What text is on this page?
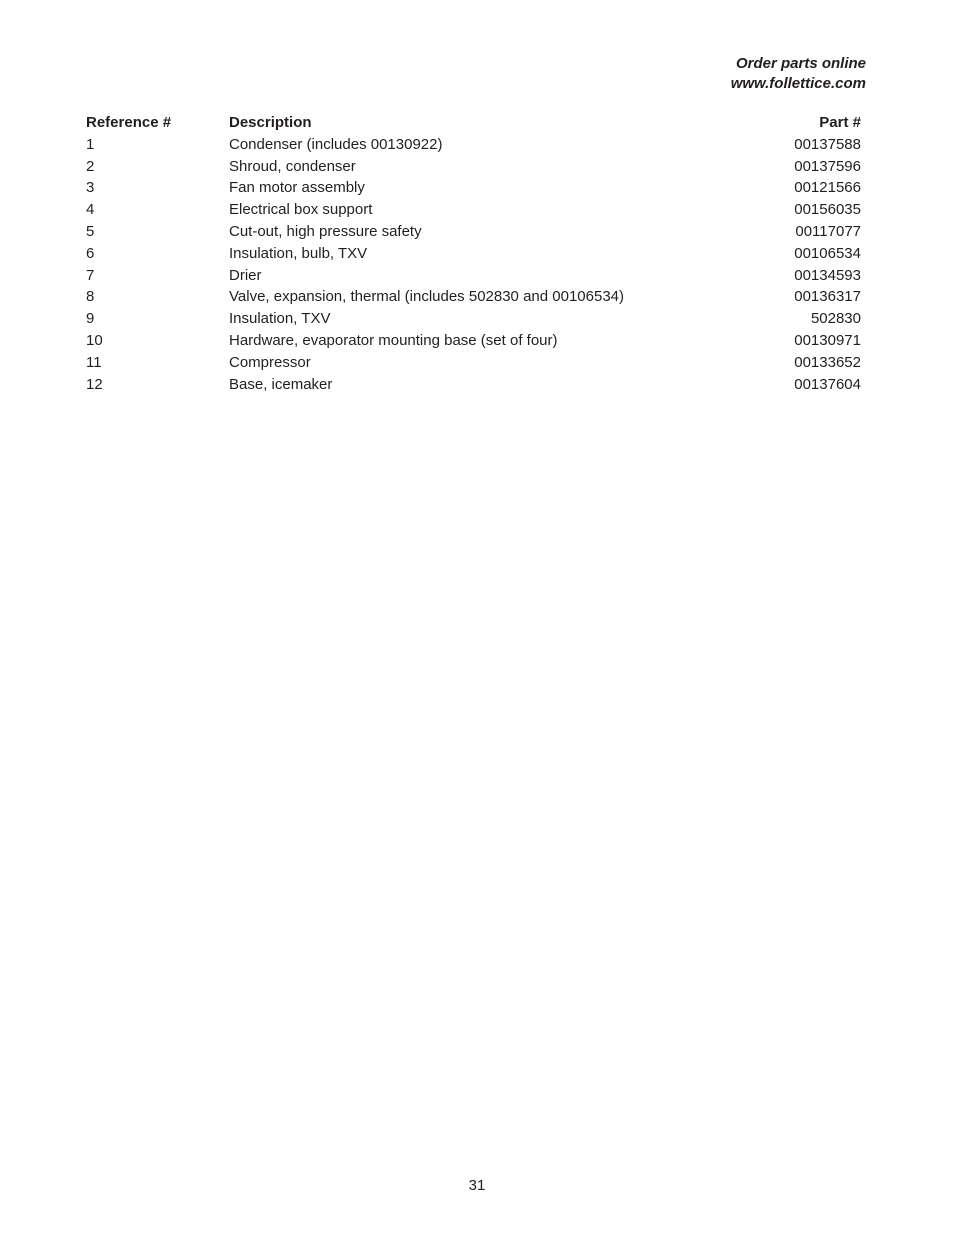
Order parts online
www.follettice.com
Reference #	Description	Part #
1	Condenser (includes 00130922)	00137588
2	Shroud, condenser	00137596
3	Fan motor assembly	00121566
4	Electrical box support	00156035
5	Cut-out, high pressure safety	00117077
6	Insulation, bulb, TXV	00106534
7	Drier	00134593
8	Valve, expansion, thermal (includes 502830 and 00106534)	00136317
9	Insulation, TXV	502830
10	Hardware, evaporator mounting base (set of four)	00130971
11	Compressor	00133652
12	Base, icemaker	00137604
31
